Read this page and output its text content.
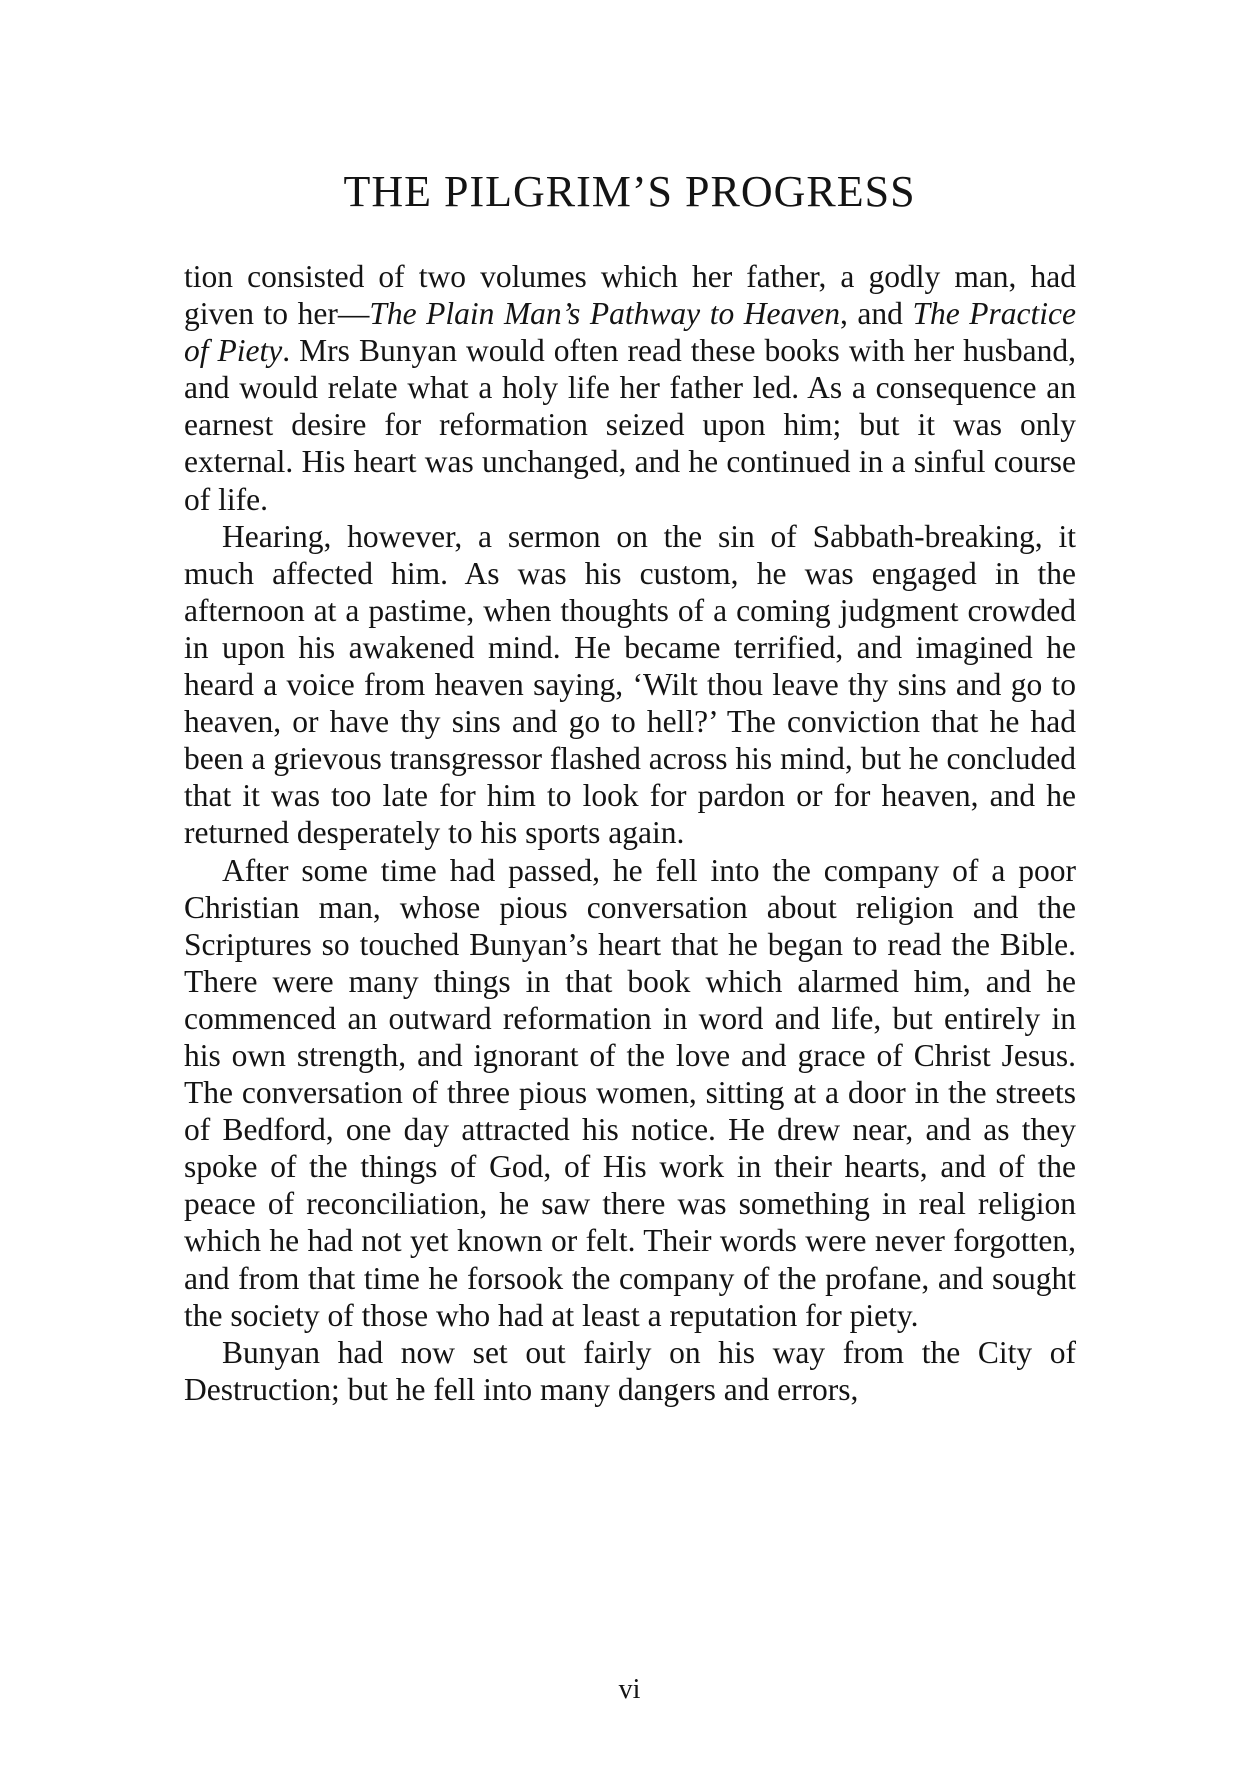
THE PILGRIM’S PROGRESS

tion consisted of two volumes which her father, a godly man, had given to her—The Plain Man’s Pathway to Heaven, and The Practice of Piety. Mrs Bunyan would often read these books with her husband, and would relate what a holy life her father led. As a consequence an earnest desire for reformation seized upon him; but it was only external. His heart was unchanged, and he continued in a sinful course of life.

Hearing, however, a sermon on the sin of Sabbath-breaking, it much affected him. As was his custom, he was engaged in the afternoon at a pastime, when thoughts of a coming judgment crowded in upon his awakened mind. He became terrified, and imagined he heard a voice from heaven saying, ‘Wilt thou leave thy sins and go to heaven, or have thy sins and go to hell?’ The conviction that he had been a grievous transgressor flashed across his mind, but he concluded that it was too late for him to look for pardon or for heaven, and he returned desperately to his sports again.

After some time had passed, he fell into the company of a poor Christian man, whose pious conversation about religion and the Scriptures so touched Bunyan’s heart that he began to read the Bible. There were many things in that book which alarmed him, and he commenced an outward reformation in word and life, but entirely in his own strength, and ignorant of the love and grace of Christ Jesus. The conversation of three pious women, sitting at a door in the streets of Bedford, one day attracted his notice. He drew near, and as they spoke of the things of God, of His work in their hearts, and of the peace of reconciliation, he saw there was something in real religion which he had not yet known or felt. Their words were never forgotten, and from that time he forsook the company of the profane, and sought the society of those who had at least a reputation for piety.

Bunyan had now set out fairly on his way from the City of Destruction; but he fell into many dangers and errors,

vi
